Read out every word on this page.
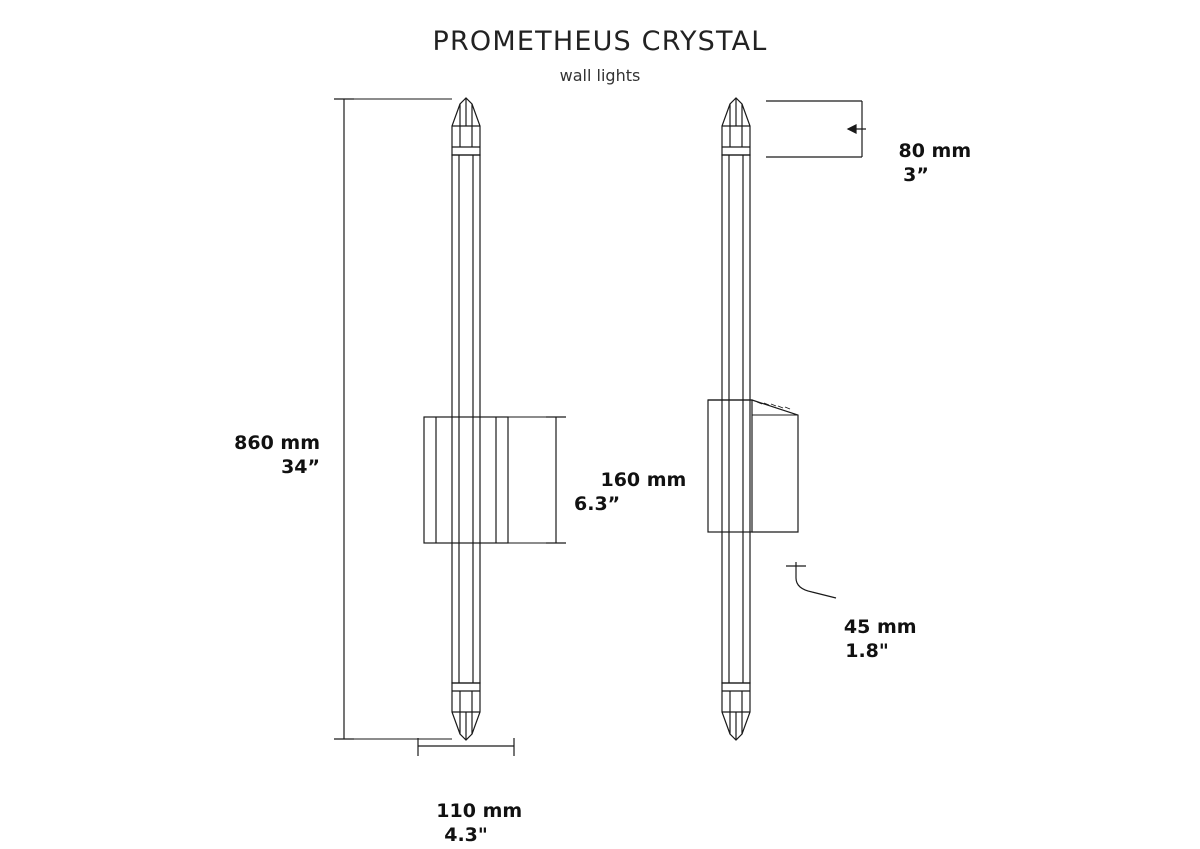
PROMETHEUS CRYSTAL
wall lights

860 mm
34”

110 mm
4.3"

160 mm
6.3”

80 mm
3”

45 mm
1.8"
